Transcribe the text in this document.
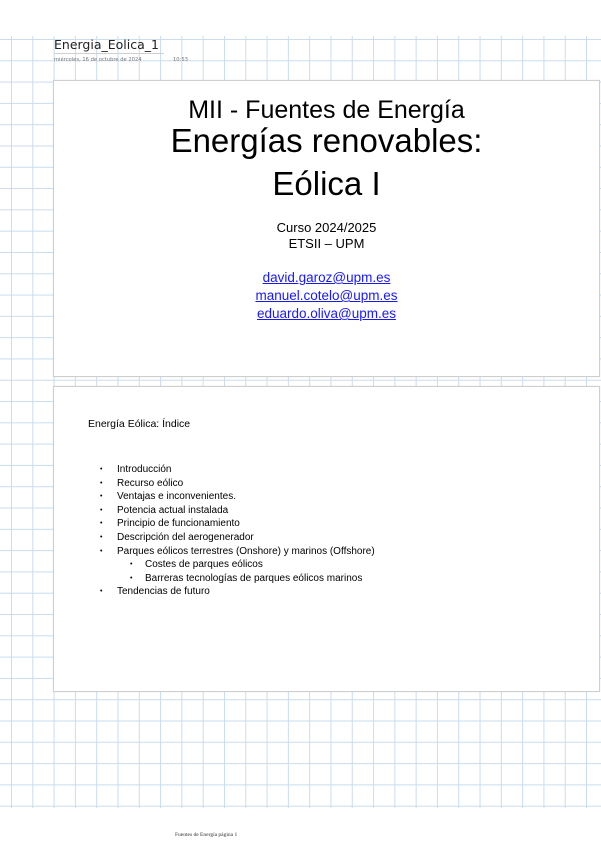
Energia_Eolica_1
miércoles, 16 de octubre de 2024	10:53
MII - Fuentes de Energía
Energías renovables:
Eólica I
Curso 2024/2025
ETSII – UPM
david.garoz@upm.es
manuel.cotelo@upm.es
eduardo.oliva@upm.es
Energía Eólica: Índice
• Introducción
• Recurso eólico
• Ventajas e inconvenientes.
• Potencia actual instalada
• Principio de funcionamiento
• Descripción del aerogenerador
• Parques eólicos terrestres (Onshore) y marinos (Offshore)
• Costes de parques eólicos
• Barreras tecnologías de parques eólicos marinos
• Tendencias de futuro
Fuentes de Energía página 1
